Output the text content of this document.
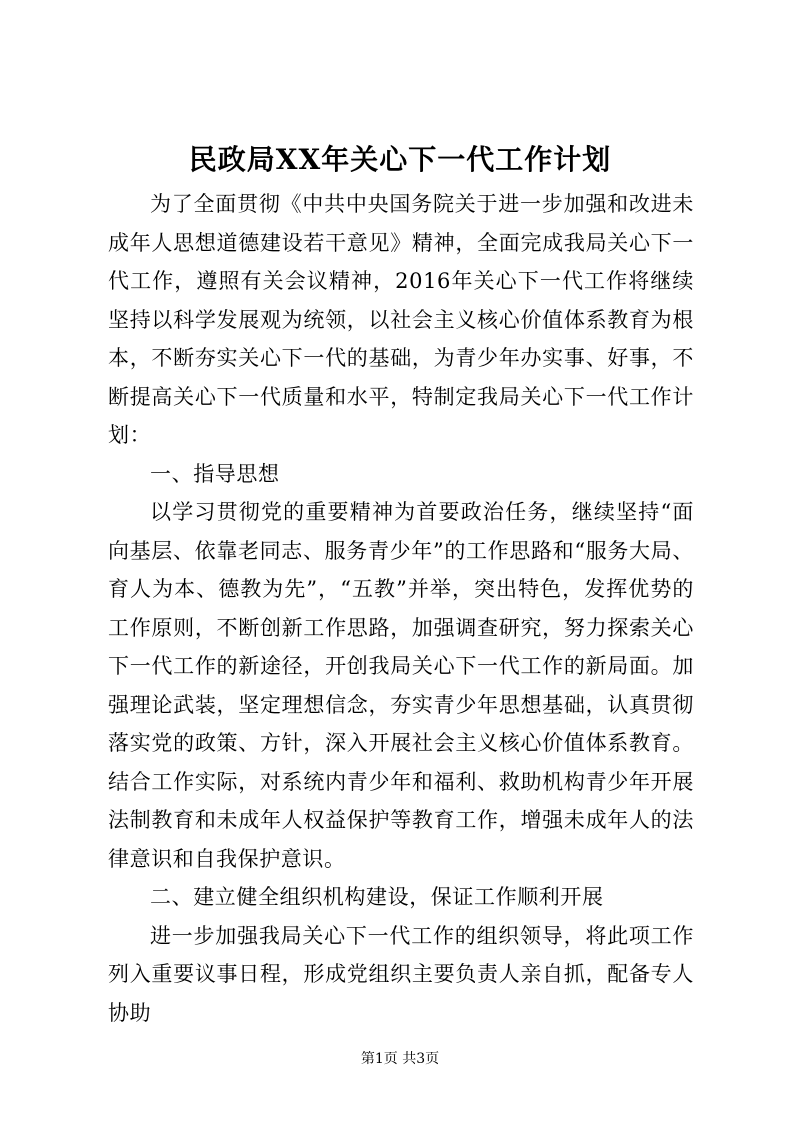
民政局XX年关心下一代工作计划

为了全面贯彻《中共中央国务院关于进一步加强和改进未成年人思想道德建设若干意见》精神，全面完成我局关心下一代工作，遵照有关会议精神，2016年关心下一代工作将继续坚持以科学发展观为统领，以社会主义核心价值体系教育为根本，不断夯实关心下一代的基础，为青少年办实事、好事，不断提高关心下一代质量和水平，特制定我局关心下一代工作计划：

一、指导思想

以学习贯彻党的重要精神为首要政治任务，继续坚持“面向基层、依靠老同志、服务青少年”的工作思路和“服务大局、育人为本、德教为先”，“五教”并举，突出特色，发挥优势的工作原则，不断创新工作思路，加强调查研究，努力探索关心下一代工作的新途径，开创我局关心下一代工作的新局面。加强理论武装，坚定理想信念，夯实青少年思想基础，认真贯彻落实党的政策、方针，深入开展社会主义核心价值体系教育。结合工作实际，对系统内青少年和福利、救助机构青少年开展法制教育和未成年人权益保护等教育工作，增强未成年人的法律意识和自我保护意识。

二、建立健全组织机构建设，保证工作顺利开展

进一步加强我局关心下一代工作的组织领导，将此项工作列入重要议事日程，形成党组织主要负责人亲自抓，配备专人协助

第1页 共3页
